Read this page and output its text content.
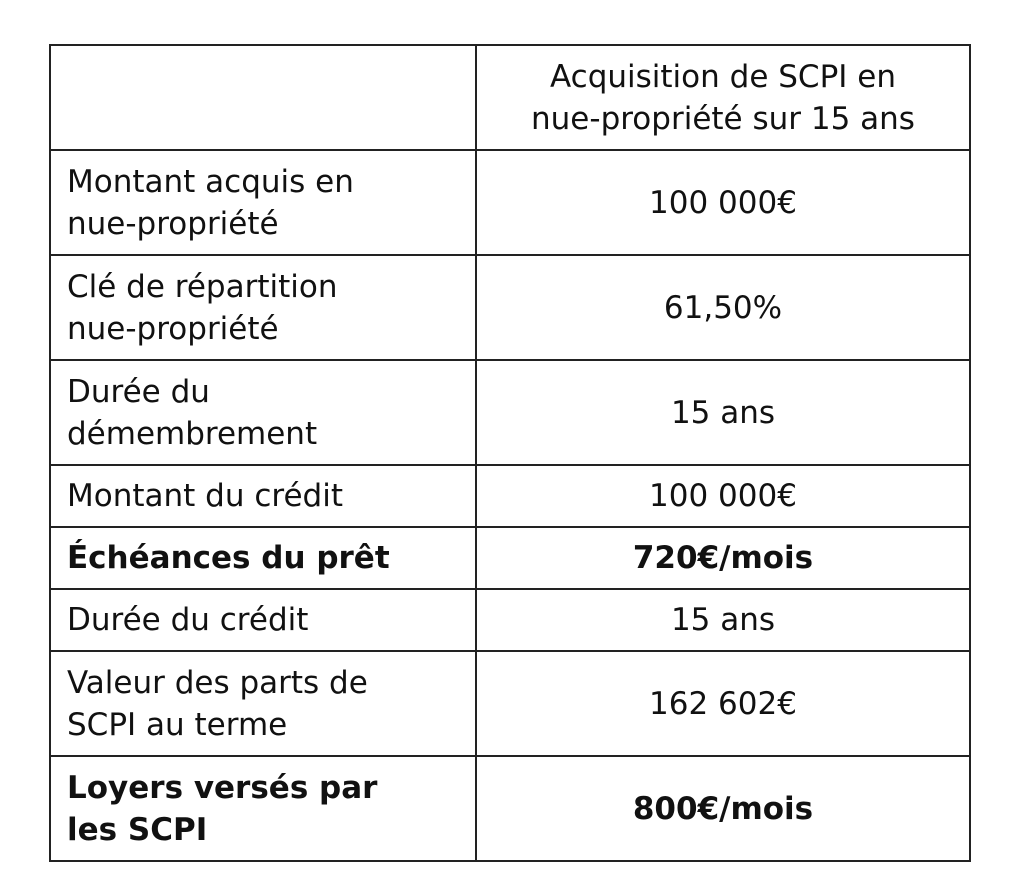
	Acquisition de SCPI en
nue-propriété sur 15 ans
Montant acquis en
nue-propriété	100 000€
Clé de répartition
nue-propriété	61,50%
Durée du
démembrement	15 ans
Montant du crédit	100 000€
Échéances du prêt	720€/mois
Durée du crédit	15 ans
Valeur des parts de
SCPI au terme	162 602€
Loyers versés par
les SCPI	800€/mois
